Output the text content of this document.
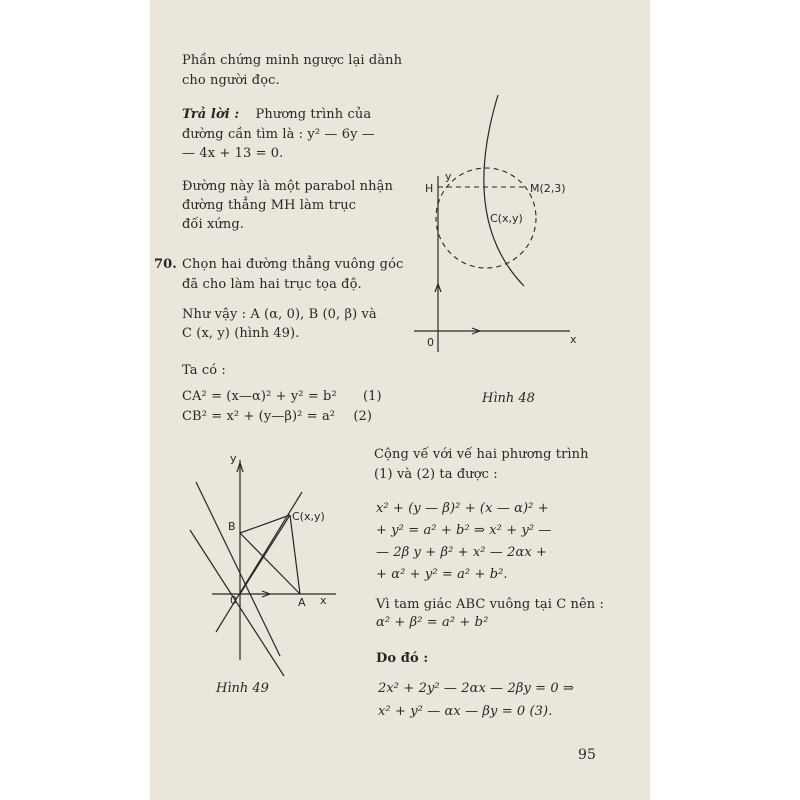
Phần chứng minh ngược lại dành
cho người đọc.
Trả lời : Phương trình của
đường cần tìm là : y² — 6y —
— 4x + 13 = 0.
Đường này là một parabol nhận
đường thẳng MH làm trục
đối xứng.
70. Chọn hai đường thẳng vuông góc
đã cho làm hai trục tọa độ.
Như vậy : A (α, 0), B (0, β) và
C (x, y) (hình 49).
Ta có :
CA² = (x—α)² + y² = b² (1)
CB² = x² + (y—β)² = a² (2)
Cộng vế với vế hai phương trình
(1) và (2) ta được :
x² + (y — β)² + (x — α)² +
+ y² = a² + b² ⇒ x² + y² —
— 2β y + β² + x² — 2αx +
+ α² + y² = a² + b².
Vì tam giác ABC vuông tại C nên :
α² + β² = a² + b²
Do đó :
2x² + 2y² — 2αx — 2βy = 0 ⇒
x² + y² — αx — βy = 0 (3).
95
y
H	M(2,3)
C(x,y)
0	x
Hình 48
y
B
C(x,y)
0	A x
Hình 49
